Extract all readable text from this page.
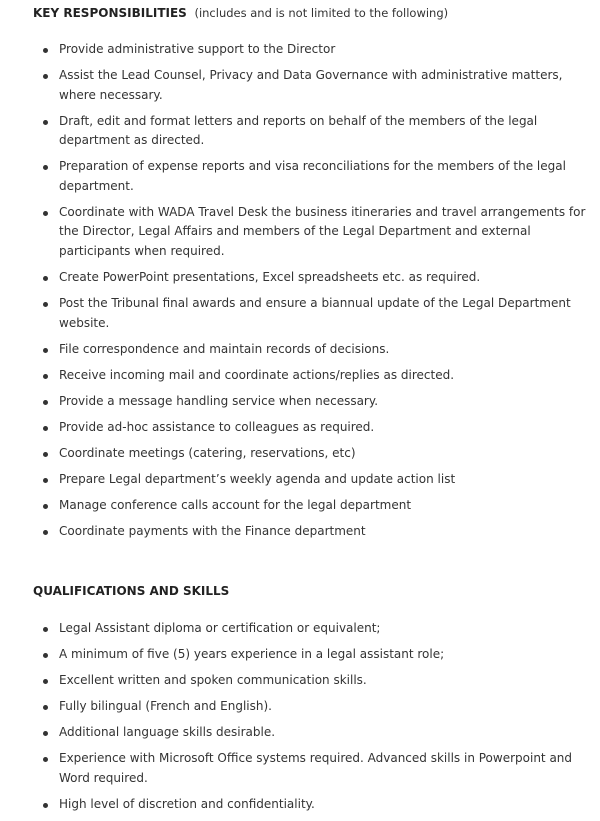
KEY RESPONSIBILITIES (includes and is not limited to the following)
Provide administrative support to the Director
Assist the Lead Counsel, Privacy and Data Governance with administrative matters, where necessary.
Draft, edit and format letters and reports on behalf of the members of the legal department as directed.
Preparation of expense reports and visa reconciliations for the members of the legal department.
Coordinate with WADA Travel Desk the business itineraries and travel arrangements for the Director, Legal Affairs and members of the Legal Department and external participants when required.
Create PowerPoint presentations, Excel spreadsheets etc. as required.
Post the Tribunal final awards and ensure a biannual update of the Legal Department website.
File correspondence and maintain records of decisions.
Receive incoming mail and coordinate actions/replies as directed.
Provide a message handling service when necessary.
Provide ad-hoc assistance to colleagues as required.
Coordinate meetings (catering, reservations, etc)
Prepare Legal department’s weekly agenda and update action list
Manage conference calls account for the legal department
Coordinate payments with the Finance department
QUALIFICATIONS AND SKILLS
Legal Assistant diploma or certification or equivalent;
A minimum of five (5) years experience in a legal assistant role;
Excellent written and spoken communication skills.
Fully bilingual (French and English).
Additional language skills desirable.
Experience with Microsoft Office systems required. Advanced skills in Powerpoint and Word required.
High level of discretion and confidentiality.
